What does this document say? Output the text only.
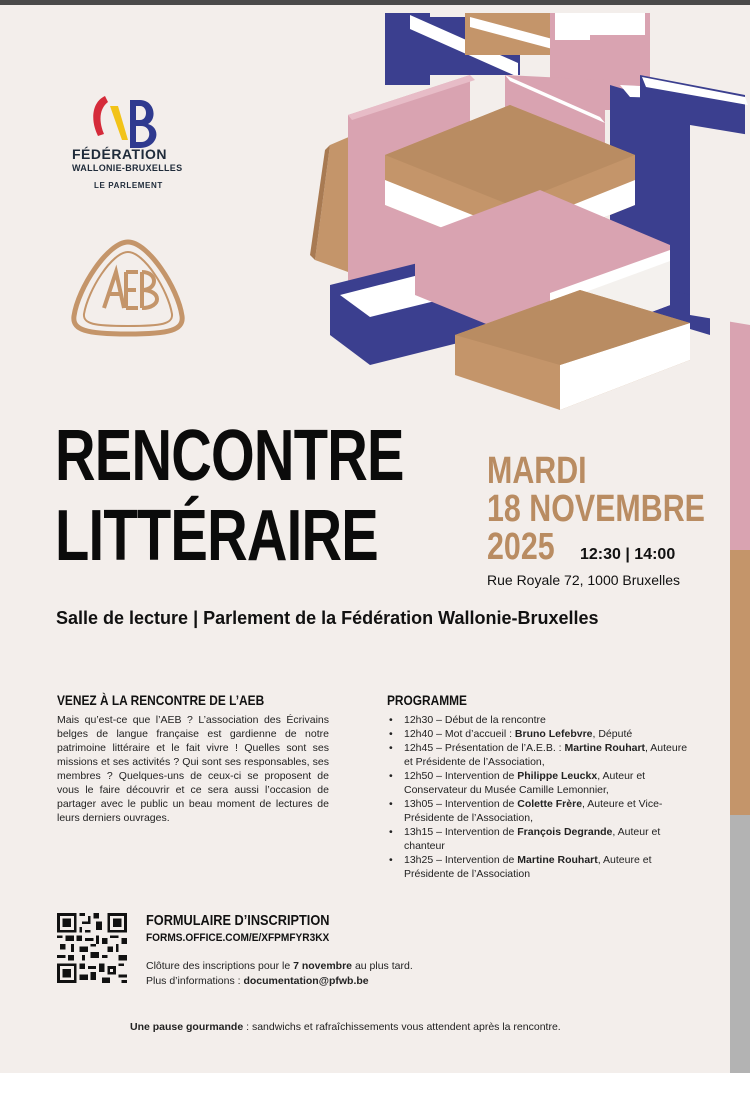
FÉDÉRATION
WALLONIE-BRUXELLES
LE PARLEMENT
RENCONTRE
LITTÉRAIRE
MARDI
18 NOVEMBRE
2025	12:30 | 14:00
Rue Royale 72, 1000 Bruxelles
Salle de lecture | Parlement de la Fédération Wallonie-Bruxelles
VENEZ À LA RENCONTRE DE L’AEB
Mais qu’est-ce que l’AEB ? L’association des Écrivains belges de langue française est gardienne de notre patrimoine littéraire et le fait vivre ! Quelles sont ses missions et ses activités ? Qui sont ses responsables, ses membres ? Quelques-uns de ceux-ci se proposent de vous le faire découvrir et ce sera aussi l’occasion de partager avec le public un beau moment de lectures de leurs derniers ouvrages.
PROGRAMME
• 12h30 – Début de la rencontre
• 12h40 – Mot d’accueil : Bruno Lefebvre, Député
• 12h45 – Présentation de l’A.E.B. : Martine Rouhart, Auteure et Présidente de l’Association,
• 12h50 – Intervention de Philippe Leuckx, Auteur et Conservateur du Musée Camille Lemonnier,
• 13h05 – Intervention de Colette Frère, Auteure et Vice-Présidente de l’Association,
• 13h15 – Intervention de François Degrande, Auteur et chanteur
• 13h25 – Intervention de Martine Rouhart, Auteure et Présidente de l’Association
FORMULAIRE D’INSCRIPTION
FORMS.OFFICE.COM/E/XFPMFYR3KX
Clôture des inscriptions pour le 7 novembre au plus tard.
Plus d’informations : documentation@pfwb.be
Une pause gourmande : sandwichs et rafraîchissements vous attendent après la rencontre.
